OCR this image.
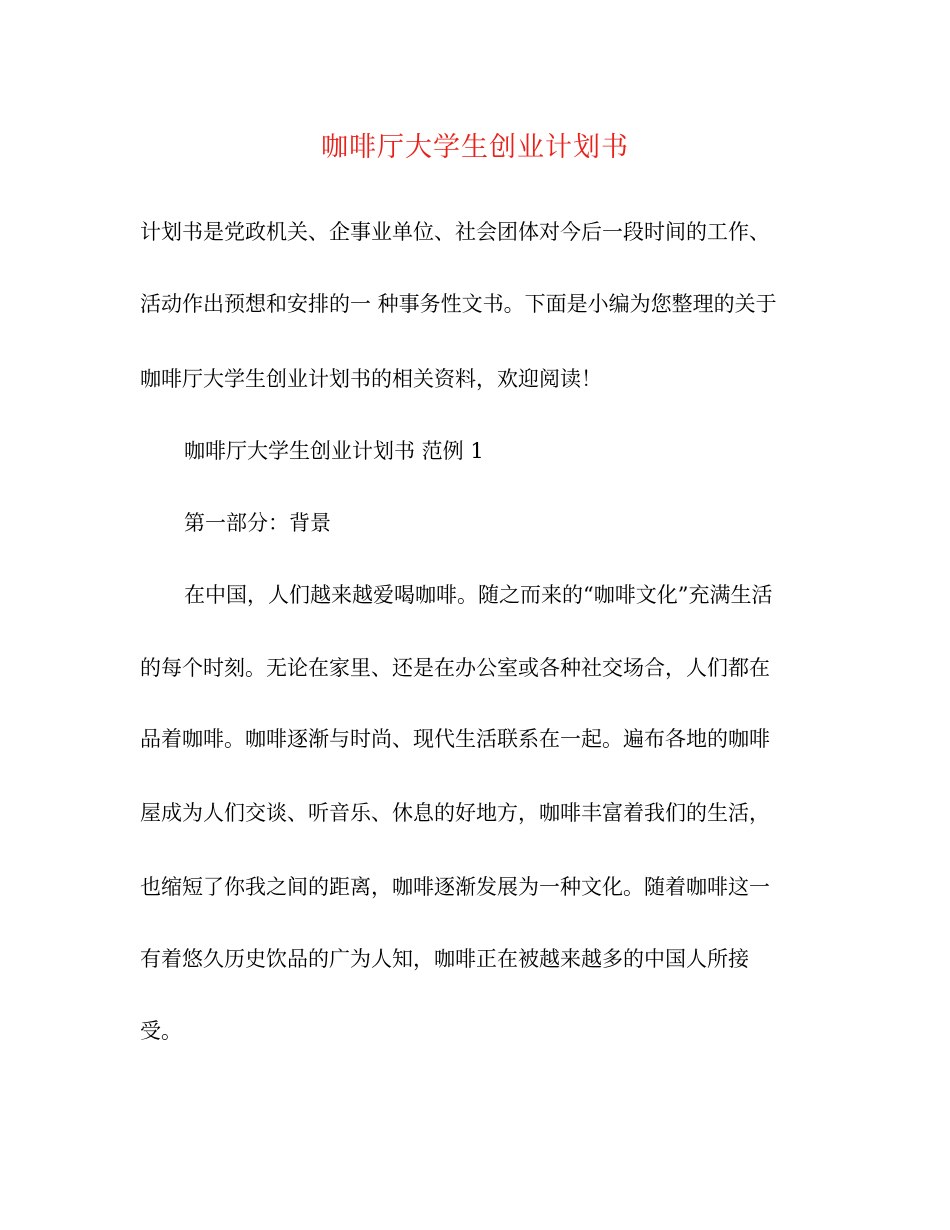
咖啡厅大学生创业计划书
计划书是党政机关、企事业单位、社会团体对今后一段时间的工作、
活动作出预想和安排的一 种事务性文书。下面是小编为您整理的关于
咖啡厅大学生创业计划书的相关资料，欢迎阅读！
咖啡厅大学生创业计划书 范例 1
第一部分：背景
在中国，人们越来越爱喝咖啡。随之而来的“咖啡文化”充满生活
的每个时刻。无论在家里、还是在办公室或各种社交场合，人们都在
品着咖啡。咖啡逐渐与时尚、现代生活联系在一起。遍布各地的咖啡
屋成为人们交谈、听音乐、休息的好地方，咖啡丰富着我们的生活，
也缩短了你我之间的距离，咖啡逐渐发展为一种文化。随着咖啡这一
有着悠久历史饮品的广为人知，咖啡正在被越来越多的中国人所接
受。
